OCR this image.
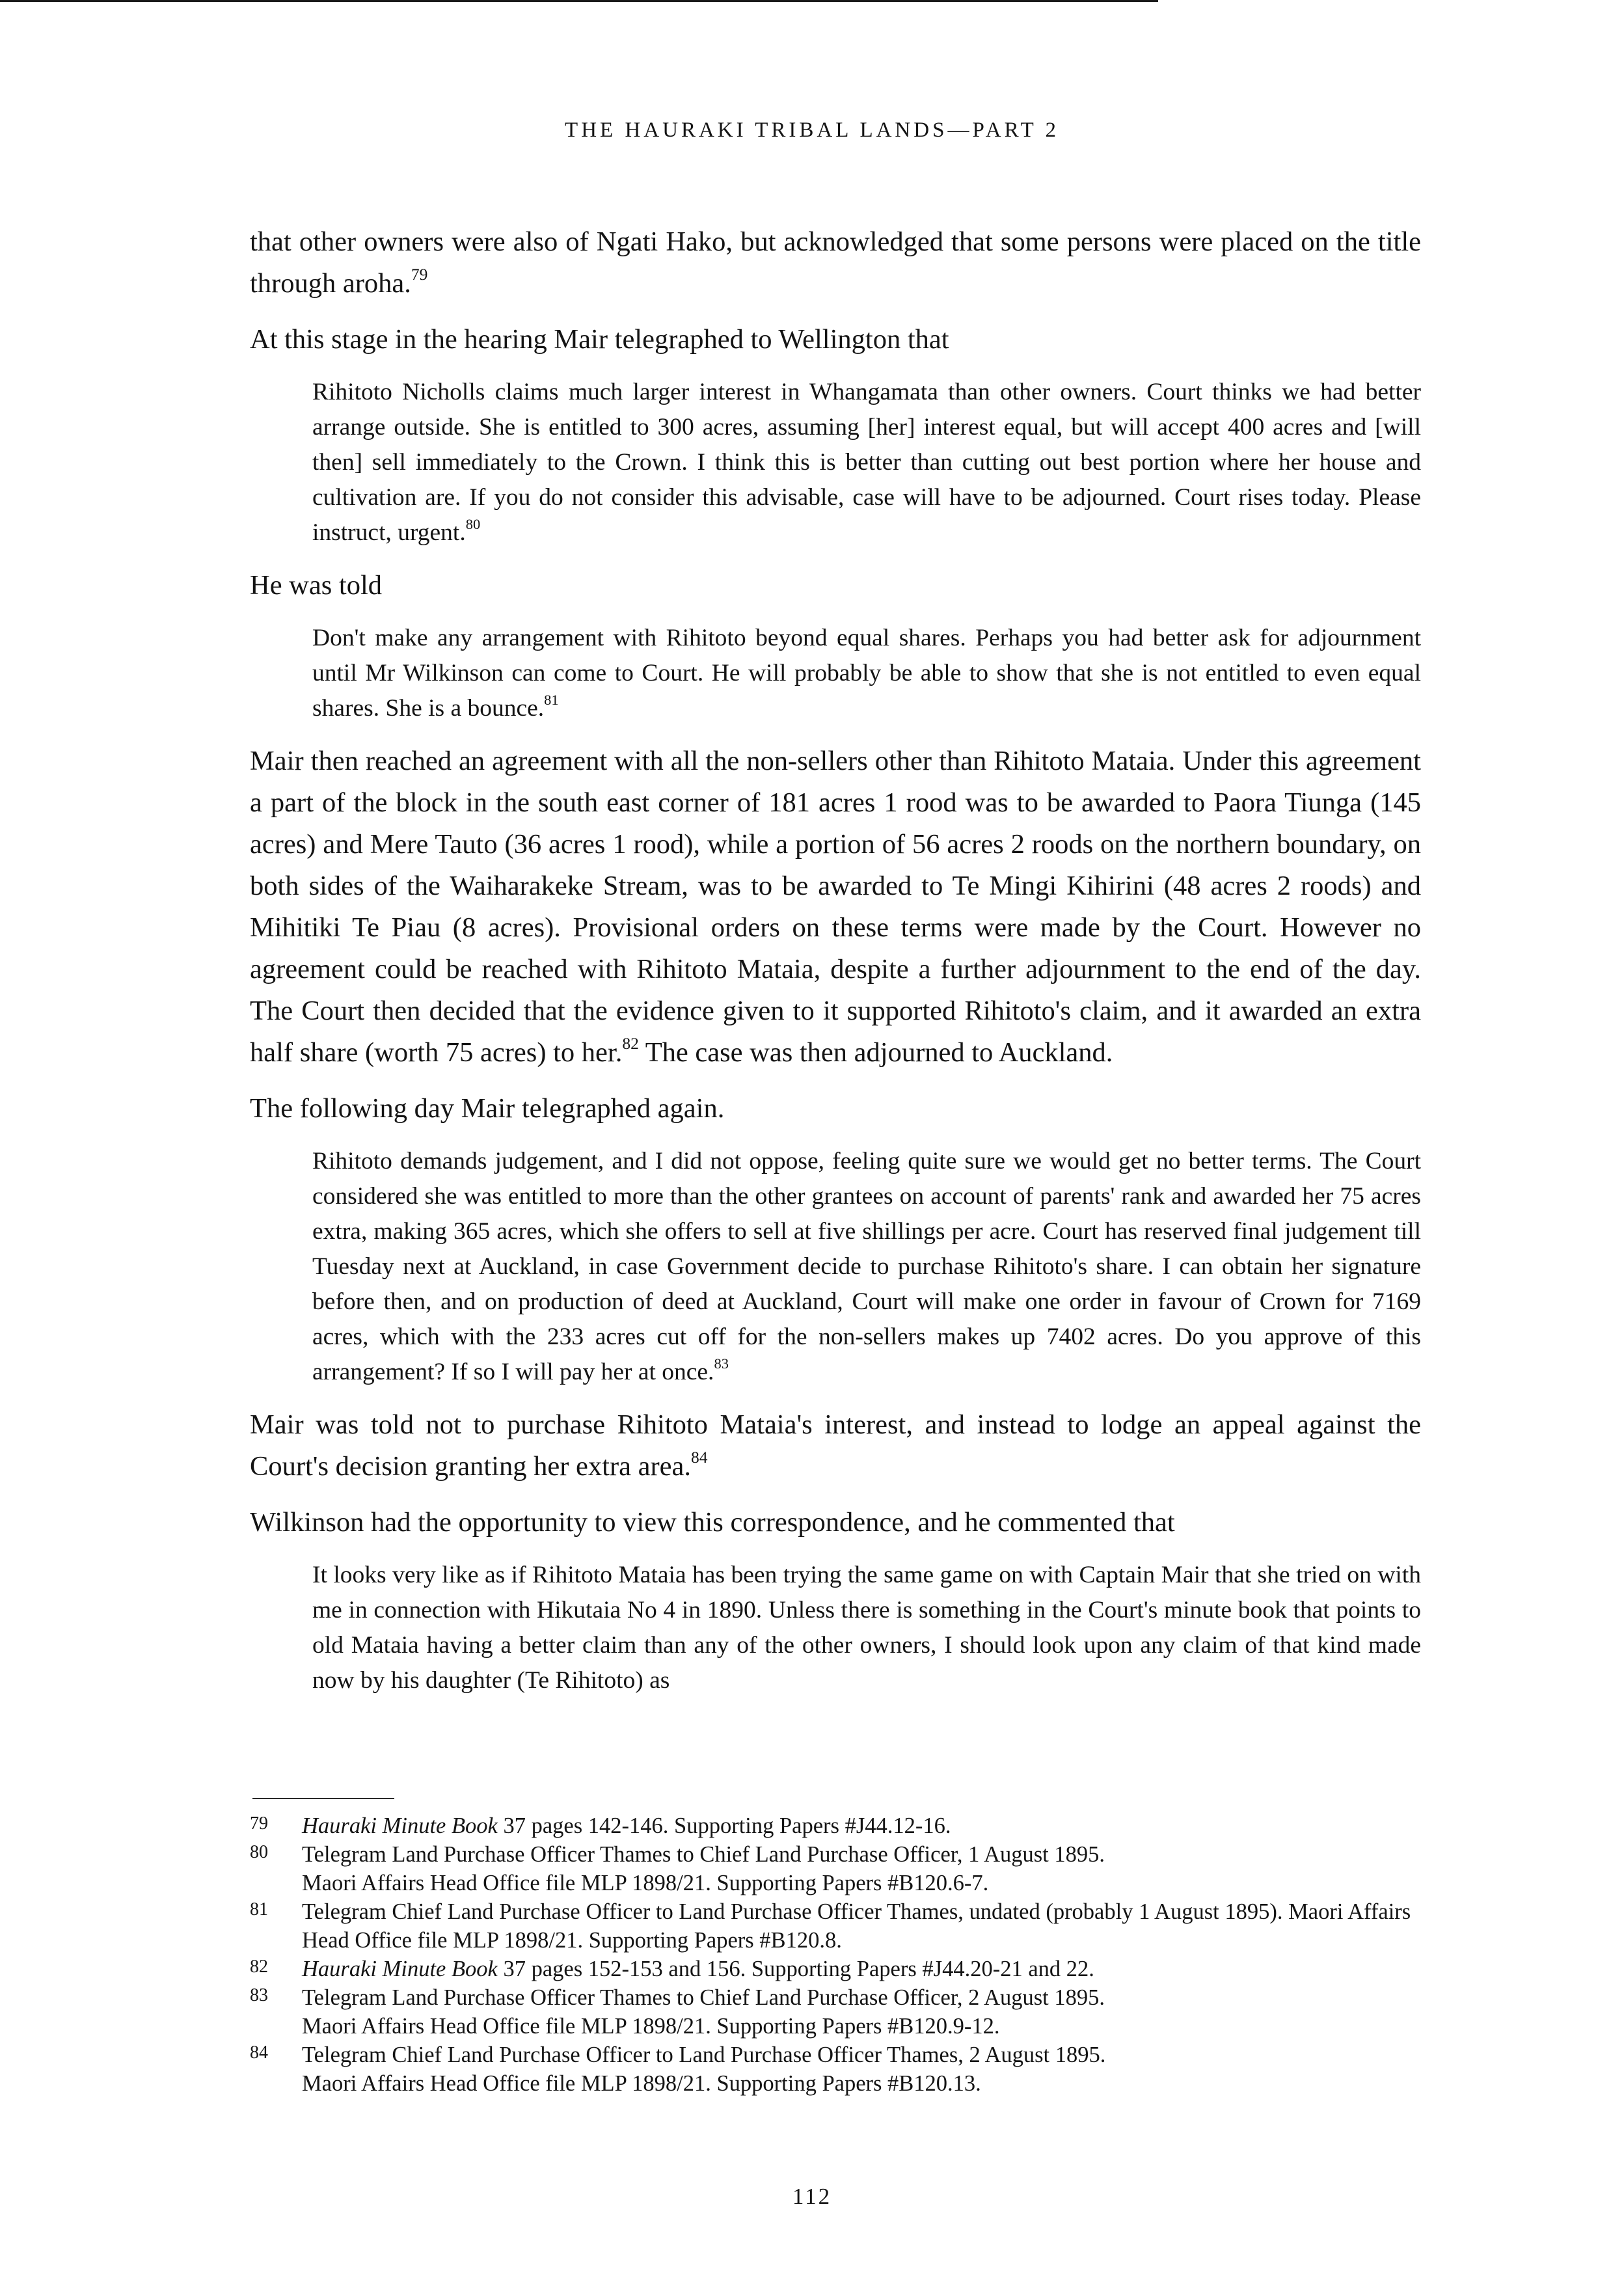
THE HAURAKI TRIBAL LANDS—PART 2

that other owners were also of Ngati Hako, but acknowledged that some persons were placed on the title through aroha.$^{79}$

At this stage in the hearing Mair telegraphed to Wellington that

Rihitoto Nicholls claims much larger interest in Whangamata than other owners. Court thinks we had better arrange outside. She is entitled to 300 acres, assuming [her] interest equal, but will accept 400 acres and [will then] sell immediately to the Crown. I think this is better than cutting out best portion where her house and cultivation are. If you do not consider this advisable, case will have to be adjourned. Court rises today. Please instruct, urgent.$^{80}$

He was told

Don't make any arrangement with Rihitoto beyond equal shares. Perhaps you had better ask for adjournment until Mr Wilkinson can come to Court. He will probably be able to show that she is not entitled to even equal shares. She is a bounce.$^{81}$

Mair then reached an agreement with all the non-sellers other than Rihitoto Mataia. Under this agreement a part of the block in the south east corner of 181 acres 1 rood was to be awarded to Paora Tiunga (145 acres) and Mere Tauto (36 acres 1 rood), while a portion of 56 acres 2 roods on the northern boundary, on both sides of the Waiharakeke Stream, was to be awarded to Te Mingi Kihirini (48 acres 2 roods) and Mihitiki Te Piau (8 acres). Provisional orders on these terms were made by the Court. However no agreement could be reached with Rihitoto Mataia, despite a further adjournment to the end of the day. The Court then decided that the evidence given to it supported Rihitoto's claim, and it awarded an extra half share (worth 75 acres) to her.$^{82}$ The case was then adjourned to Auckland.

The following day Mair telegraphed again.

Rihitoto demands judgement, and I did not oppose, feeling quite sure we would get no better terms. The Court considered she was entitled to more than the other grantees on account of parents' rank and awarded her 75 acres extra, making 365 acres, which she offers to sell at five shillings per acre. Court has reserved final judgement till Tuesday next at Auckland, in case Government decide to purchase Rihitoto's share. I can obtain her signature before then, and on production of deed at Auckland, Court will make one order in favour of Crown for 7169 acres, which with the 233 acres cut off for the non-sellers makes up 7402 acres. Do you approve of this arrangement? If so I will pay her at once.$^{83}$

Mair was told not to purchase Rihitoto Mataia's interest, and instead to lodge an appeal against the Court's decision granting her extra area.$^{84}$

Wilkinson had the opportunity to view this correspondence, and he commented that

It looks very like as if Rihitoto Mataia has been trying the same game on with Captain Mair that she tried on with me in connection with Hikutaia No 4 in 1890. Unless there is something in the Court's minute book that points to old Mataia having a better claim than any of the other owners, I should look upon any claim of that kind made now by his daughter (Te Rihitoto) as
79	Hauraki Minute Book 37 pages 142-146. Supporting Papers #J44.12-16.
80	Telegram Land Purchase Officer Thames to Chief Land Purchase Officer, 1 August 1895.
Maori Affairs Head Office file MLP 1898/21. Supporting Papers #B120.6-7.
81	Telegram Chief Land Purchase Officer to Land Purchase Officer Thames, undated (probably 1 August 1895). Maori Affairs Head Office file MLP 1898/21. Supporting Papers #B120.8.
82	Hauraki Minute Book 37 pages 152-153 and 156. Supporting Papers #J44.20-21 and 22.
83	Telegram Land Purchase Officer Thames to Chief Land Purchase Officer, 2 August 1895.
Maori Affairs Head Office file MLP 1898/21. Supporting Papers #B120.9-12.
84	Telegram Chief Land Purchase Officer to Land Purchase Officer Thames, 2 August 1895.
Maori Affairs Head Office file MLP 1898/21. Supporting Papers #B120.13.
112
